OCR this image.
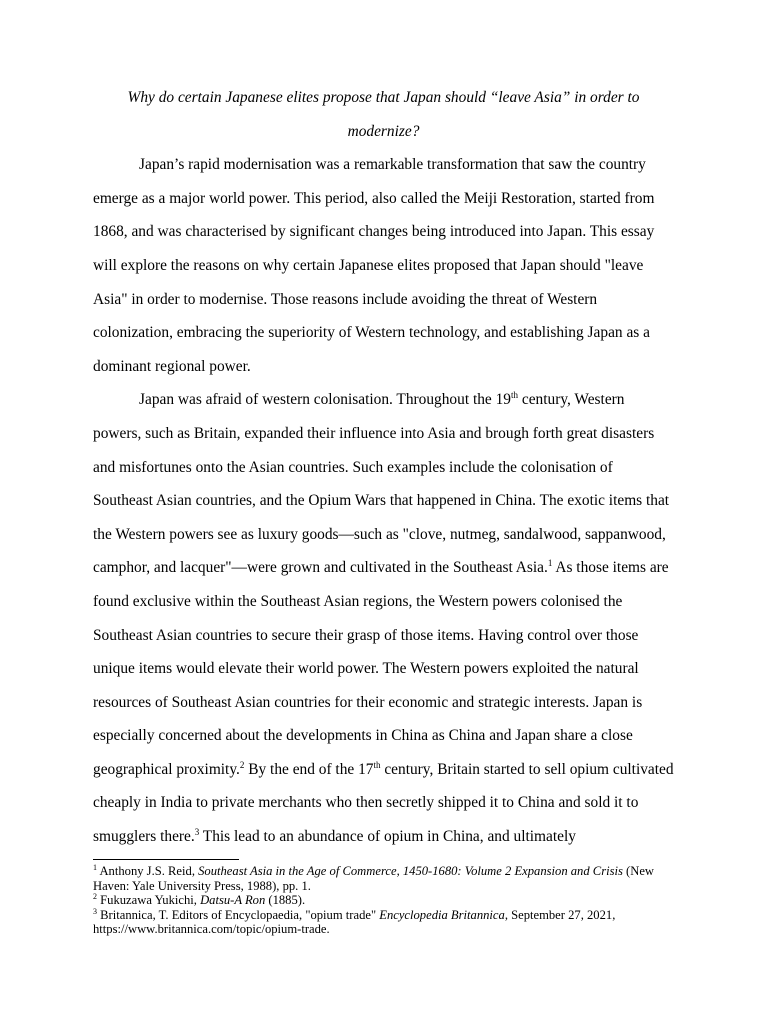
Why do certain Japanese elites propose that Japan should “leave Asia” in order to modernize?

Japan’s rapid modernisation was a remarkable transformation that saw the country emerge as a major world power. This period, also called the Meiji Restoration, started from 1868, and was characterised by significant changes being introduced into Japan. This essay will explore the reasons on why certain Japanese elites proposed that Japan should "leave Asia" in order to modernise. Those reasons include avoiding the threat of Western colonization, embracing the superiority of Western technology, and establishing Japan as a dominant regional power.

Japan was afraid of western colonisation. Throughout the 19th century, Western powers, such as Britain, expanded their influence into Asia and brough forth great disasters and misfortunes onto the Asian countries. Such examples include the colonisation of Southeast Asian countries, and the Opium Wars that happened in China. The exotic items that the Western powers see as luxury goods—such as "clove, nutmeg, sandalwood, sappanwood, camphor, and lacquer"—were grown and cultivated in the Southeast Asia.$^1$ As those items are found exclusive within the Southeast Asian regions, the Western powers colonised the Southeast Asian countries to secure their grasp of those items. Having control over those unique items would elevate their world power. The Western powers exploited the natural resources of Southeast Asian countries for their economic and strategic interests. Japan is especially concerned about the developments in China as China and Japan share a close geographical proximity.$^2$ By the end of the 17th century, Britain started to sell opium cultivated cheaply in India to private merchants who then secretly shipped it to China and sold it to smugglers there.$^3$ This lead to an abundance of opium in China, and ultimately

$^1$ Anthony J.S. Reid, Southeast Asia in the Age of Commerce, 1450-1680: Volume 2 Expansion and Crisis (New Haven: Yale University Press, 1988), pp. 1.

$^2$ Fukuzawa Yukichi, Datsu-A Ron (1885).

$^3$ Britannica, T. Editors of Encyclopaedia, "opium trade" Encyclopedia Britannica, September 27, 2021, https://www.britannica.com/topic/opium-trade.
